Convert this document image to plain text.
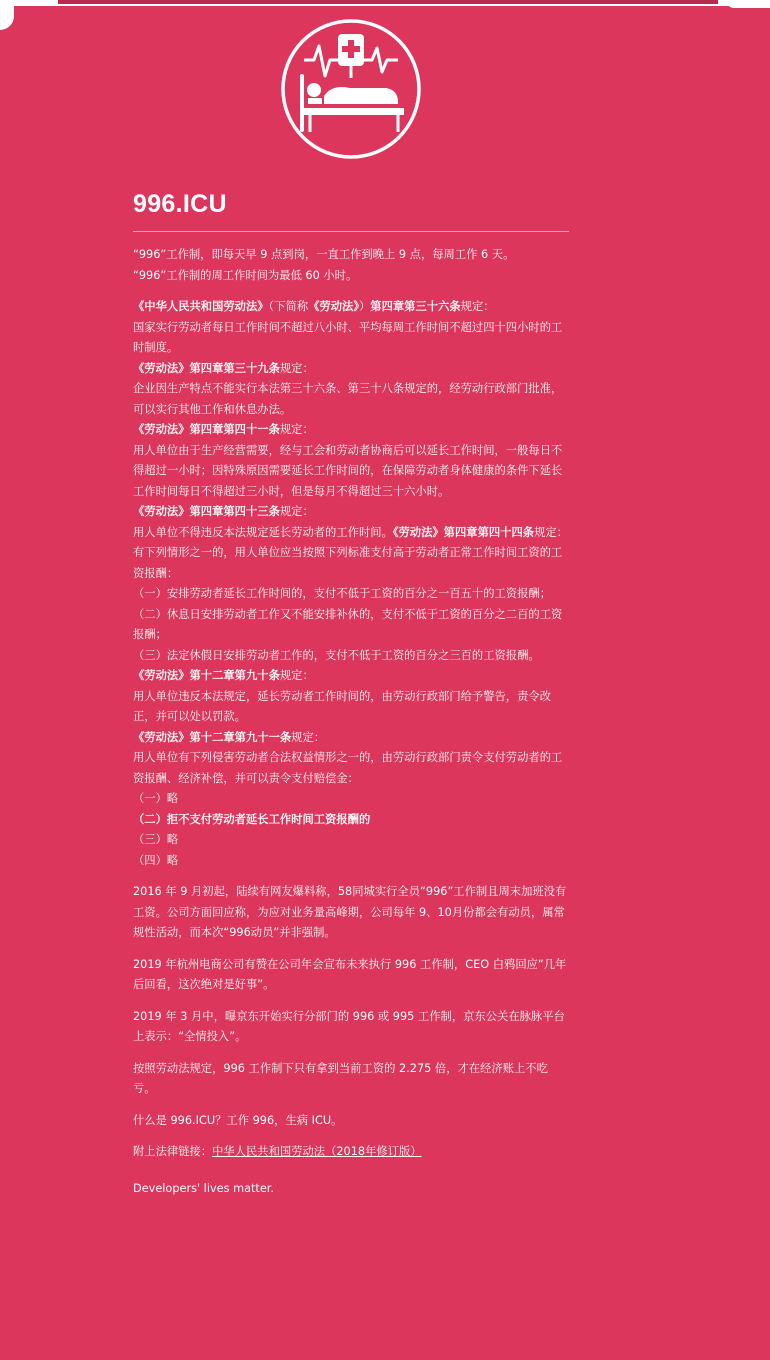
996.ICU

“996”工作制，即每天早 9 点到岗，一直工作到晚上 9 点，每周工作 6 天。

“996”工作制的周工作时间为最低 60 小时。

《中华人民共和国劳动法》（下简称《劳动法》）第四章第三十六条规定：

国家实行劳动者每日工作时间不超过八小时、平均每周工作时间不超过四十四小时的工时制度。

《劳动法》第四章第三十九条规定：

企业因生产特点不能实行本法第三十六条、第三十八条规定的，经劳动行政部门批准，可以实行其他工作和休息办法。

《劳动法》第四章第四十一条规定：

用人单位由于生产经营需要，经与工会和劳动者协商后可以延长工作时间，一般每日不得超过一小时；因特殊原因需要延长工作时间的，在保障劳动者身体健康的条件下延长工作时间每日不得超过三小时，但是每月不得超过三十六小时。

《劳动法》第四章第四十三条规定：

用人单位不得违反本法规定延长劳动者的工作时间。《劳动法》第四章第四十四条规定：

有下列情形之一的，用人单位应当按照下列标准支付高于劳动者正常工作时间工资的工资报酬：

（一）安排劳动者延长工作时间的，支付不低于工资的百分之一百五十的工资报酬；

（二）休息日安排劳动者工作又不能安排补休的，支付不低于工资的百分之二百的工资报酬；

（三）法定休假日安排劳动者工作的，支付不低于工资的百分之三百的工资报酬。

《劳动法》第十二章第九十条规定：

用人单位违反本法规定，延长劳动者工作时间的，由劳动行政部门给予警告，责令改正，并可以处以罚款。

《劳动法》第十二章第九十一条规定：

用人单位有下列侵害劳动者合法权益情形之一的，由劳动行政部门责令支付劳动者的工资报酬、经济补偿，并可以责令支付赔偿金：

（一）略

（二）拒不支付劳动者延长工作时间工资报酬的

（三）略

（四）略

2016 年 9 月初起，陆续有网友爆料称，58同城实行全员“996”工作制且周末加班没有工资。公司方面回应称，为应对业务量高峰期，公司每年 9、10月份都会有动员，属常规性活动，而本次“996动员”并非强制。

2019 年杭州电商公司有赞在公司年会宣布未来执行 996 工作制，CEO 白鸦回应“几年后回看，这次绝对是好事”。

2019 年 3 月中，曝京东开始实行分部门的 996 或 995 工作制，京东公关在脉脉平台上表示：“全情投入”。

按照劳动法规定，996 工作制下只有拿到当前工资的 2.275 倍，才在经济账上不吃亏。

什么是 996.ICU？工作 996，生病 ICU。

附上法律链接：中华人民共和国劳动法（2018年修订版）

Developers' lives matter.
